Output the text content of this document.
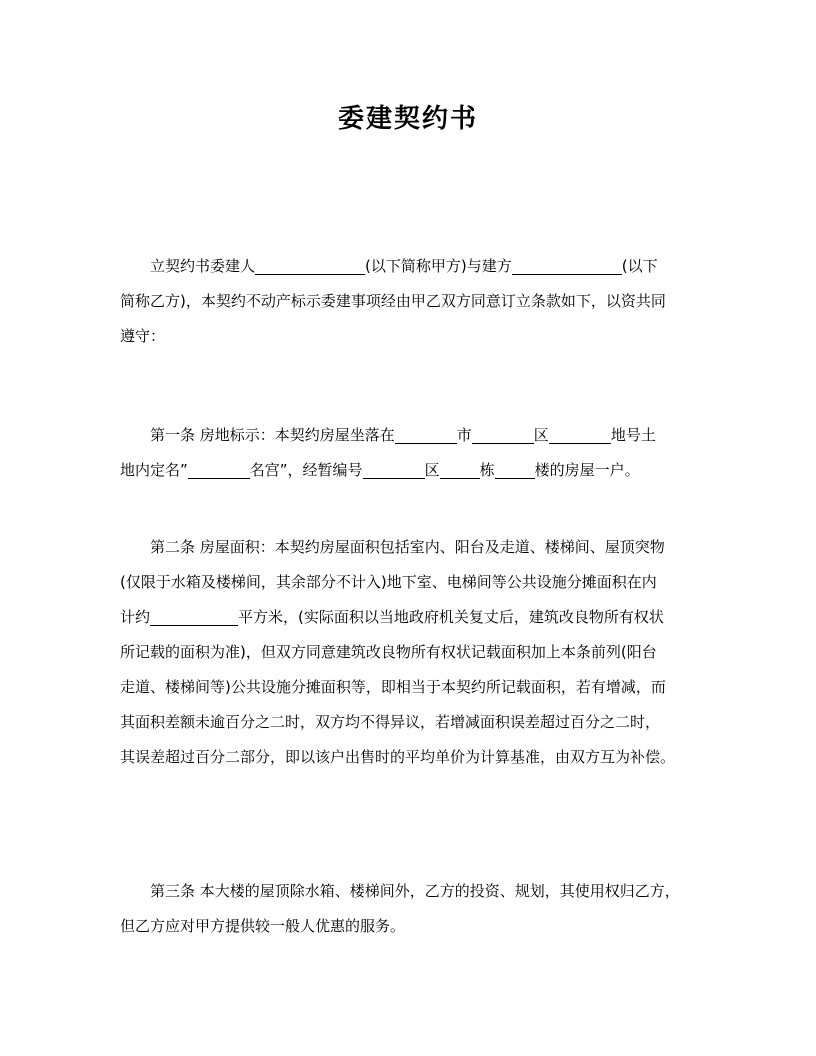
委建契约书
立契约书委建人	(以下简称甲方)与建方	(以下
简称乙方)，本契约不动产标示委建事项经由甲乙双方同意订立条款如下，以资共同
遵守：
第一条 房地标示：本契约房屋坐落在	市	区	地号土
地内定名”	名宫”，经暂编号	区	栋	楼的房屋一户。
第二条 房屋面积：本契约房屋面积包括室内、阳台及走道、楼梯间、屋顶突物
(仅限于水箱及楼梯间，其余部分不计入)地下室、电梯间等公共设施分摊面积在内
计约	平方米，(实际面积以当地政府机关复丈后，建筑改良物所有权状
所记载的面积为准)，但双方同意建筑改良物所有权状记载面积加上本条前列(阳台
走道、楼梯间等)公共设施分摊面积等，即相当于本契约所记载面积，若有增减，而
其面积差额未逾百分之二时，双方均不得异议，若增减面积误差超过百分之二时，
其误差超过百分二部分，即以该户出售时的平均单价为计算基准，由双方互为补偿。
第三条 本大楼的屋顶除水箱、楼梯间外，乙方的投资、规划，其使用权归乙方，
但乙方应对甲方提供较一般人优惠的服务。
